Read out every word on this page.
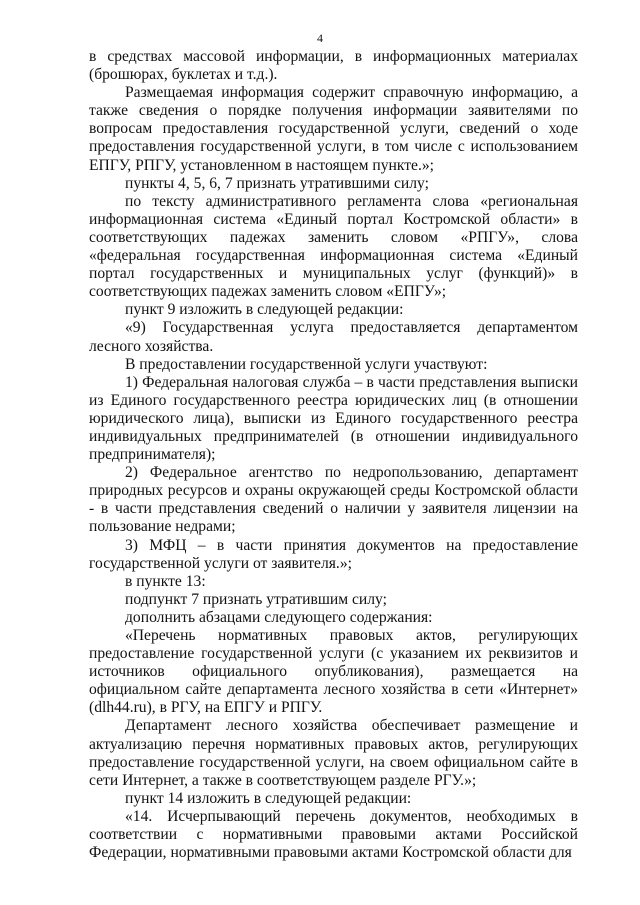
4

в средствах массовой информации, в информационных материалах (брошюрах, буклетах и т.д.).

Размещаемая информация содержит справочную информацию, а также сведения о порядке получения информации заявителями по вопросам предоставления государственной услуги, сведений о ходе предоставления государственной услуги, в том числе с использованием ЕПГУ, РПГУ, установленном в настоящем пункте.»;

пункты 4, 5, 6, 7 признать утратившими силу;

по тексту административного регламента слова «региональная информационная система «Единый портал Костромской области» в соответствующих падежах заменить словом «РПГУ», слова «федеральная государственная информационная система «Единый портал государственных и муниципальных услуг (функций)» в соответствующих падежах заменить словом «ЕПГУ»;

пункт 9 изложить в следующей редакции:

«9) Государственная услуга предоставляется департаментом лесного хозяйства.

В предоставлении государственной услуги участвуют:

1) Федеральная налоговая служба – в части представления выписки из Единого государственного реестра юридических лиц (в отношении юридического лица), выписки из Единого государственного реестра индивидуальных предпринимателей (в отношении индивидуального предпринимателя);

2) Федеральное агентство по недропользованию, департамент природных ресурсов и охраны окружающей среды Костромской области - в части представления сведений о наличии у заявителя лицензии на пользование недрами;

3) МФЦ – в части принятия документов на предоставление государственной услуги от заявителя.»;

в пункте 13:

подпункт 7 признать утратившим силу;

дополнить абзацами следующего содержания:

«Перечень нормативных правовых актов, регулирующих предоставление государственной услуги (с указанием их реквизитов и источников официального опубликования), размещается на официальном сайте департамента лесного хозяйства в сети «Интернет» (dlh44.ru), в РГУ, на ЕПГУ и РПГУ.

Департамент лесного хозяйства обеспечивает размещение и актуализацию перечня нормативных правовых актов, регулирующих предоставление государственной услуги, на своем официальном сайте в сети Интернет, а также в соответствующем разделе РГУ.»;

пункт 14 изложить в следующей редакции:

«14. Исчерпывающий перечень документов, необходимых в соответствии с нормативными правовыми актами Российской Федерации, нормативными правовыми актами Костромской области для
